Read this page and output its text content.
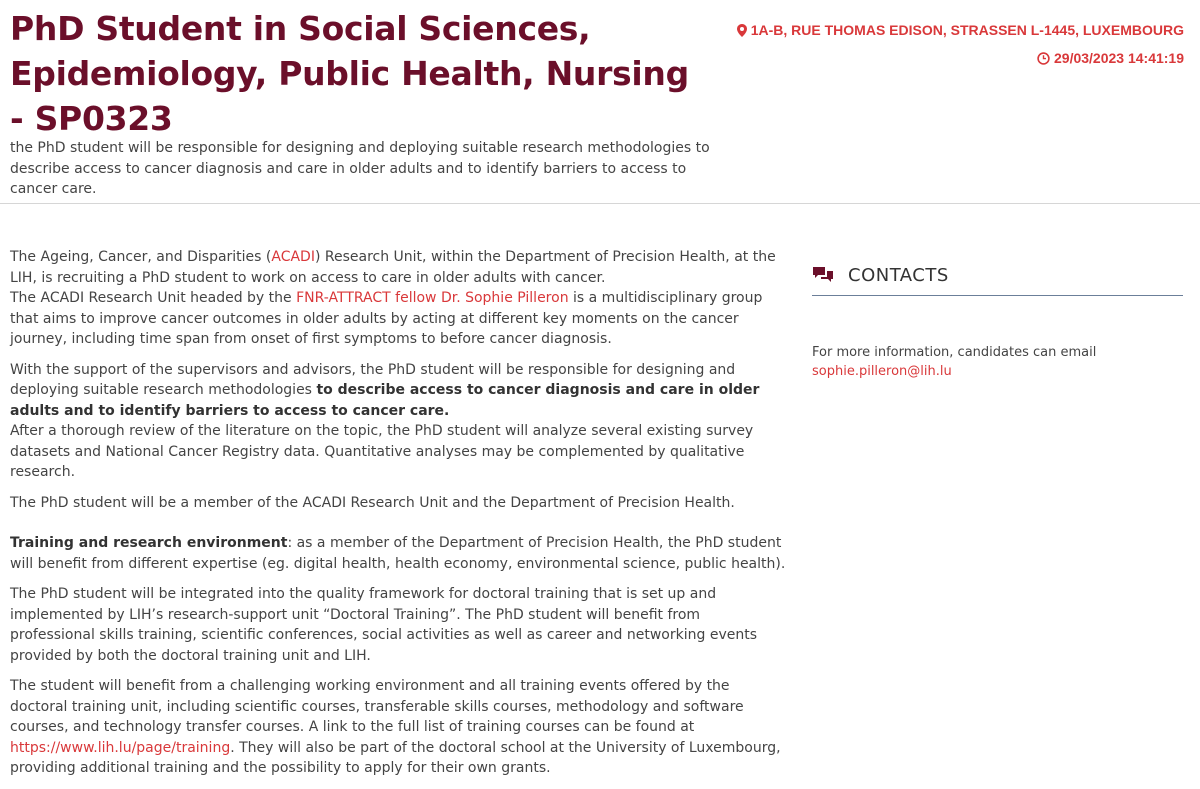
PhD Student in Social Sciences, Epidemiology, Public Health, Nursing - SP0323
1A-B, RUE THOMAS EDISON, STRASSEN L-1445, LUXEMBOURG
29/03/2023 14:41:19

the PhD student will be responsible for designing and deploying suitable research methodologies to describe access to cancer diagnosis and care in older adults and to identify barriers to access to cancer care.

The Ageing, Cancer, and Disparities (ACADI) Research Unit, within the Department of Precision Health, at the LIH, is recruiting a PhD student to work on access to care in older adults with cancer.
The ACADI Research Unit headed by the FNR-ATTRACT fellow Dr. Sophie Pilleron is a multidisciplinary group that aims to improve cancer outcomes in older adults by acting at different key moments on the cancer journey, including time span from onset of first symptoms to before cancer diagnosis.

With the support of the supervisors and advisors, the PhD student will be responsible for designing and deploying suitable research methodologies to describe access to cancer diagnosis and care in older adults and to identify barriers to access to cancer care.
After a thorough review of the literature on the topic, the PhD student will analyze several existing survey datasets and National Cancer Registry data. Quantitative analyses may be complemented by qualitative research.

The PhD student will be a member of the ACADI Research Unit and the Department of Precision Health.

Training and research environment: as a member of the Department of Precision Health, the PhD student will benefit from different expertise (eg. digital health, health economy, environmental science, public health).

The PhD student will be integrated into the quality framework for doctoral training that is set up and implemented by LIH’s research-support unit “Doctoral Training”. The PhD student will benefit from professional skills training, scientific conferences, social activities as well as career and networking events provided by both the doctoral training unit and LIH.

The student will benefit from a challenging working environment and all training events offered by the doctoral training unit, including scientific courses, transferable skills courses, methodology and software courses, and technology transfer courses. A link to the full list of training courses can be found at https://www.lih.lu/page/training. They will also be part of the doctoral school at the University of Luxembourg, providing additional training and the possibility to apply for their own grants.

CONTACTS

For more information, candidates can email
sophie.pilleron@lih.lu
